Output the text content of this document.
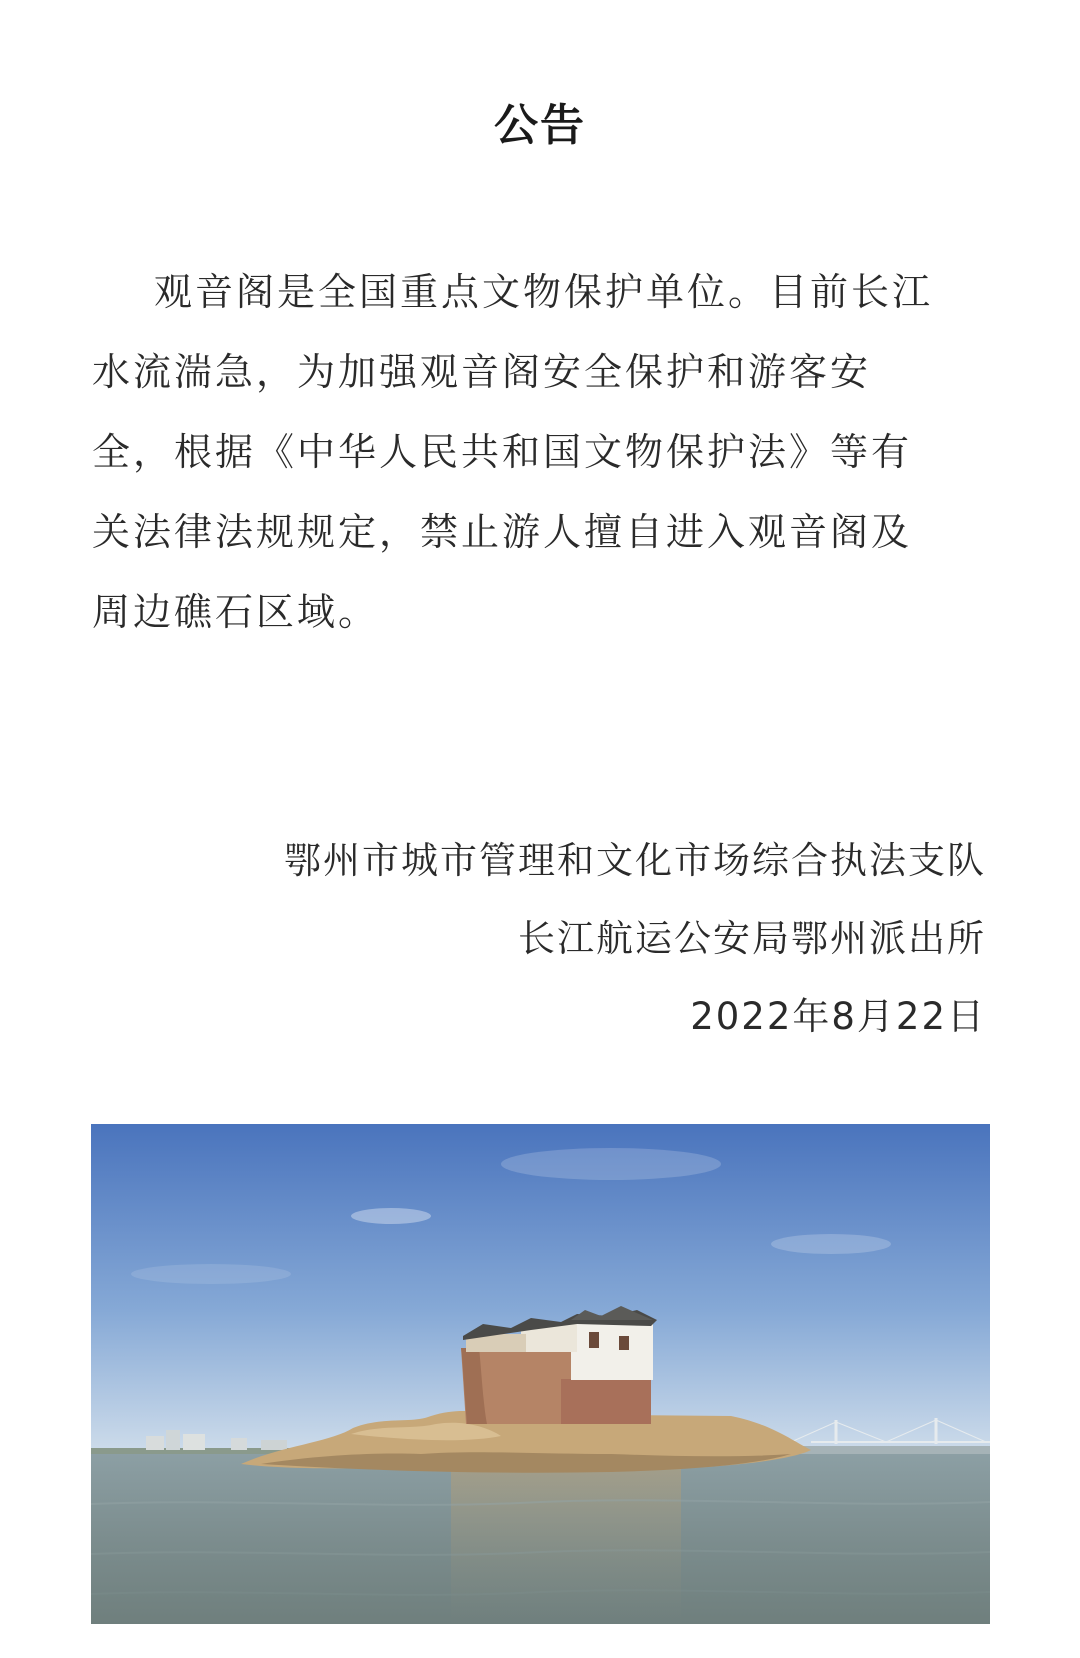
公告
观音阁是全国重点文物保护单位。目前长江
水流湍急，为加强观音阁安全保护和游客安
全，根据《中华人民共和国文物保护法》等有
关法律法规规定，禁止游人擅自进入观音阁及
周边礁石区域。
鄂州市城市管理和文化市场综合执法支队
长江航运公安局鄂州派出所
2022年8月22日
